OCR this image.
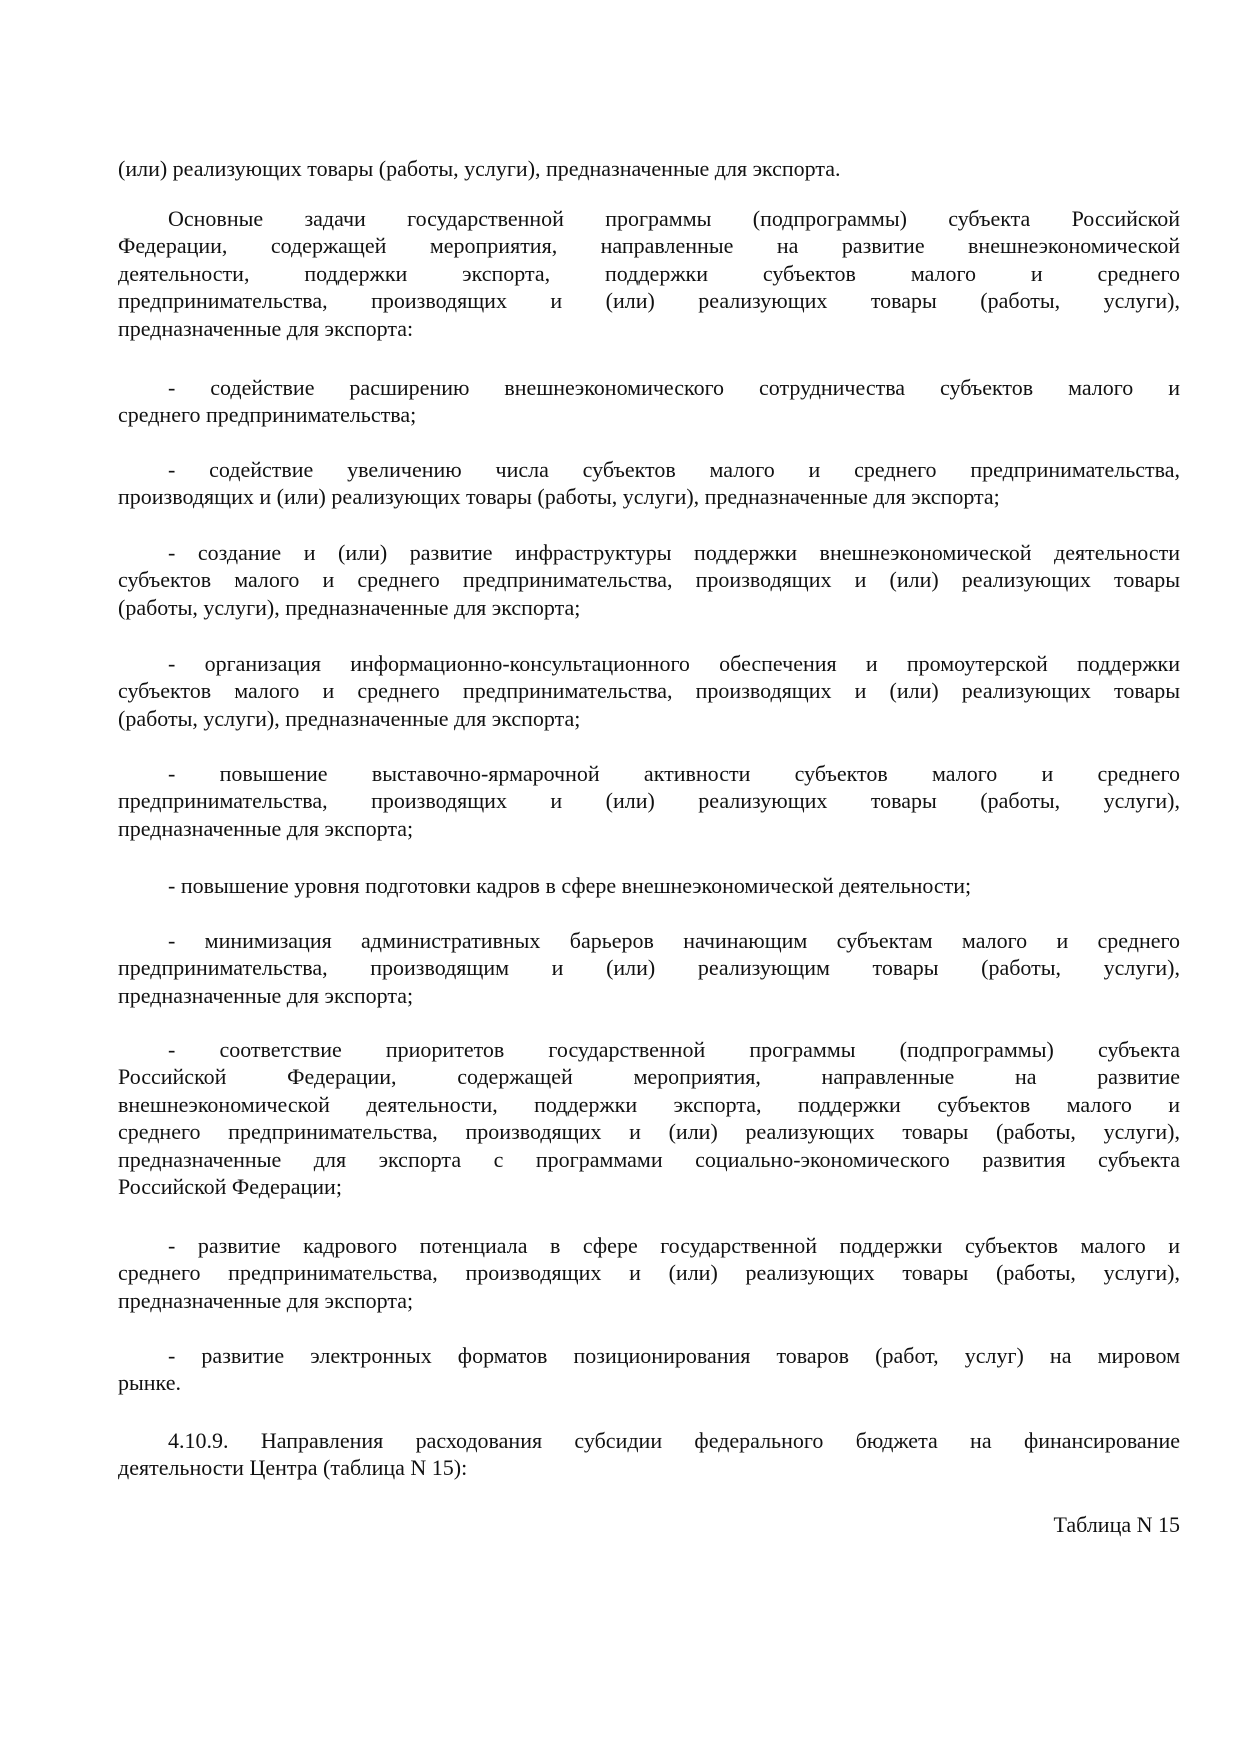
(или) реализующих товары (работы, услуги), предназначенные для экспорта.
Основные задачи государственной программы (подпрограммы) субъекта Российской
Федерации, содержащей мероприятия, направленные на развитие внешнеэкономической
деятельности, поддержки экспорта, поддержки субъектов малого и среднего
предпринимательства, производящих и (или) реализующих товары (работы, услуги),
предназначенные для экспорта:
- содействие расширению внешнеэкономического сотрудничества субъектов малого и
среднего предпринимательства;
- содействие увеличению числа субъектов малого и среднего предпринимательства,
производящих и (или) реализующих товары (работы, услуги), предназначенные для экспорта;
- создание и (или) развитие инфраструктуры поддержки внешнеэкономической деятельности
субъектов малого и среднего предпринимательства, производящих и (или) реализующих товары
(работы, услуги), предназначенные для экспорта;
- организация информационно-консультационного обеспечения и промоутерской поддержки
субъектов малого и среднего предпринимательства, производящих и (или) реализующих товары
(работы, услуги), предназначенные для экспорта;
- повышение выставочно-ярмарочной активности субъектов малого и среднего
предпринимательства, производящих и (или) реализующих товары (работы, услуги),
предназначенные для экспорта;
- повышение уровня подготовки кадров в сфере внешнеэкономической деятельности;
- минимизация административных барьеров начинающим субъектам малого и среднего
предпринимательства, производящим и (или) реализующим товары (работы, услуги),
предназначенные для экспорта;
- соответствие приоритетов государственной программы (подпрограммы) субъекта
Российской Федерации, содержащей мероприятия, направленные на развитие
внешнеэкономической деятельности, поддержки экспорта, поддержки субъектов малого и
среднего предпринимательства, производящих и (или) реализующих товары (работы, услуги),
предназначенные для экспорта с программами социально-экономического развития субъекта
Российской Федерации;
- развитие кадрового потенциала в сфере государственной поддержки субъектов малого и
среднего предпринимательства, производящих и (или) реализующих товары (работы, услуги),
предназначенные для экспорта;
- развитие электронных форматов позиционирования товаров (работ, услуг) на мировом
рынке.
4.10.9. Направления расходования субсидии федерального бюджета на финансирование
деятельности Центра (таблица N 15):
Таблица N 15
